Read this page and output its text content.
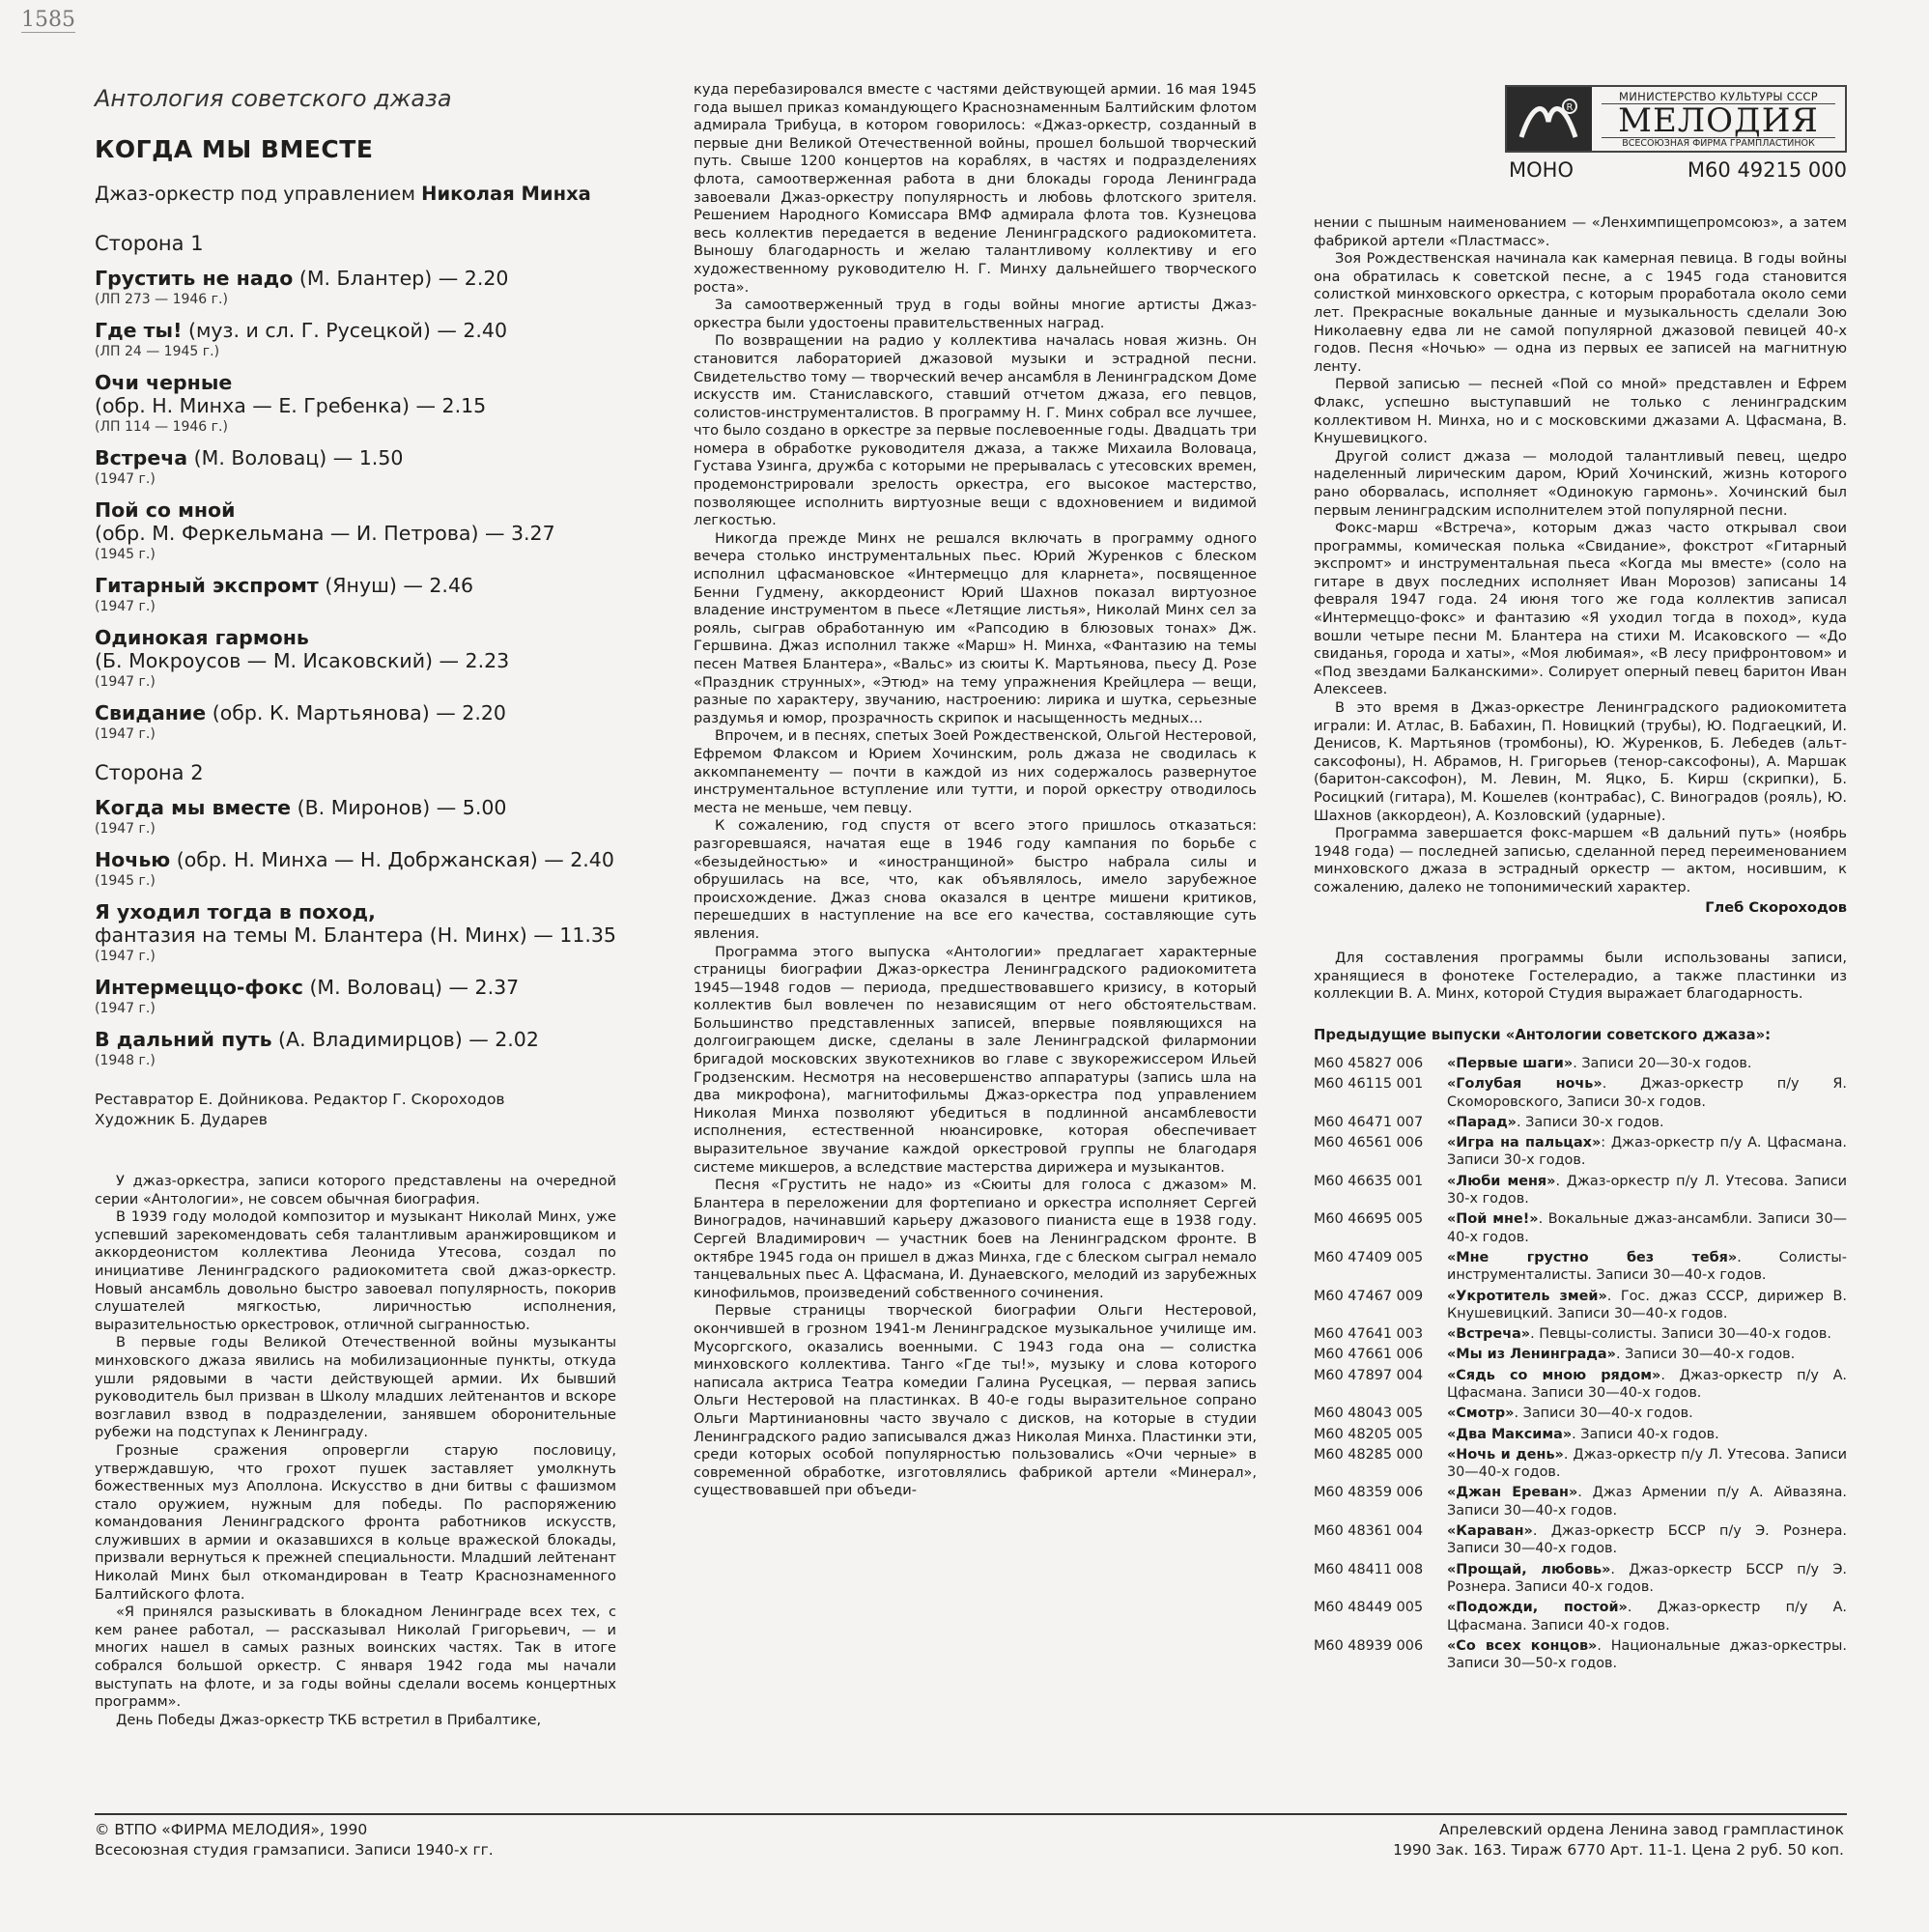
1585
R
МИНИСТЕРСТВО КУЛЬТУРЫ СССР
МЕЛОДИЯ
ВСЕСОЮЗНАЯ ФИРМА ГРАМПЛАСТИНОК
МОНО	М60 49215 000
Антология советского джаза
КОГДА МЫ ВМЕСТЕ
Джаз-оркестр под управлением Николая Минха
Сторона 1
Грустить не надо (М. Блантер) — 2.20
(ЛП 273 — 1946 г.)
Где ты! (муз. и сл. Г. Русецкой) — 2.40
(ЛП 24 — 1945 г.)
Очи черные
(обр. Н. Минха — Е. Гребенка) — 2.15
(ЛП 114 — 1946 г.)
Встреча (М. Воловац) — 1.50
(1947 г.)
Пой со мной
(обр. М. Феркельмана — И. Петрова) — 3.27
(1945 г.)
Гитарный экспромт (Януш) — 2.46
(1947 г.)
Одинокая гармонь
(Б. Мокроусов — М. Исаковский) — 2.23
(1947 г.)
Свидание (обр. К. Мартьянова) — 2.20
(1947 г.)
Сторона 2
Когда мы вместе (В. Миронов) — 5.00
(1947 г.)
Ночью (обр. Н. Минха — Н. Добржанская) — 2.40
(1945 г.)
Я уходил тогда в поход,
фантазия на темы М. Блантера (Н. Минх) — 11.35
(1947 г.)
Интермеццо-фокс (М. Воловац) — 2.37
(1947 г.)
В дальний путь (А. Владимирцов) — 2.02
(1948 г.)
Реставратор Е. Дойникова. Редактор Г. Скороходов
Художник Б. Дударев

У джаз-оркестра, записи которого представлены на очередной серии «Антологии», не совсем обычная биография.

В 1939 году молодой композитор и музыкант Николай Минх, уже успевший зарекомендовать себя талантливым аранжировщиком и аккордеонистом коллектива Леонида Утесова, создал по инициативе Ленинградского радиокомитета свой джаз-оркестр. Новый ансамбль довольно быстро завоевал популярность, покорив слушателей мягкостью, лиричностью исполнения, выразительностью оркестровок, отличной сыгранностью.

В первые годы Великой Отечественной войны музыканты минховского джаза явились на мобилизационные пункты, откуда ушли рядовыми в части действующей армии. Их бывший руководитель был призван в Школу младших лейтенантов и вскоре возглавил взвод в подразделении, занявшем оборонительные рубежи на подступах к Ленинграду.

Грозные сражения опровергли старую пословицу, утверждавшую, что грохот пушек заставляет умолкнуть божественных муз Аполлона. Искусство в дни битвы с фашизмом стало оружием, нужным для победы. По распоряжению командования Ленинградского фронта работников искусств, служивших в армии и оказавшихся в кольце вражеской блокады, призвали вернуться к прежней специальности. Младший лейтенант Николай Минх был откомандирован в Театр Краснознаменного Балтийского флота.

«Я принялся разыскивать в блокадном Ленинграде всех тех, с кем ранее работал, — рассказывал Николай Григорьевич, — и многих нашел в самых разных воинских частях. Так в итоге собрался большой оркестр. С января 1942 года мы начали выступать на флоте, и за годы войны сделали восемь концертных программ».

День Победы Джаз-оркестр ТКБ встретил в Прибалтике,

куда перебазировался вместе с частями действующей армии. 16 мая 1945 года вышел приказ командующего Краснознаменным Балтийским флотом адмирала Трибуца, в котором говорилось: «Джаз-оркестр, созданный в первые дни Великой Отечественной войны, прошел большой творческий путь. Свыше 1200 концертов на кораблях, в частях и подразделениях флота, самоотверженная работа в дни блокады города Ленинграда завоевали Джаз-оркестру популярность и любовь флотского зрителя. Решением Народного Комиссара ВМФ адмирала флота тов. Кузнецова весь коллектив передается в ведение Ленинградского радиокомитета. Выношу благодарность и желаю талантливому коллективу и его художественному руководителю Н. Г. Минху дальнейшего творческого роста».

За самоотверженный труд в годы войны многие артисты Джаз-оркестра были удостоены правительственных наград.

По возвращении на радио у коллектива началась новая жизнь. Он становится лабораторией джазовой музыки и эстрадной песни. Свидетельство тому — творческий вечер ансамбля в Ленинградском Доме искусств им. Станиславского, ставший отчетом джаза, его певцов, солистов-инструменталистов. В программу Н. Г. Минх собрал все лучшее, что было создано в оркестре за первые послевоенные годы. Двадцать три номера в обработке руководителя джаза, а также Михаила Воловаца, Густава Узинга, дружба с которыми не прерывалась с утесовских времен, продемонстрировали зрелость оркестра, его высокое мастерство, позволяющее исполнить виртуозные вещи с вдохновением и видимой легкостью.

Никогда прежде Минх не решался включать в программу одного вечера столько инструментальных пьес. Юрий Журенков с блеском исполнил цфасмановское «Интермеццо для кларнета», посвященное Бенни Гудмену, аккордеонист Юрий Шахнов показал виртуозное владение инструментом в пьесе «Летящие листья», Николай Минх сел за рояль, сыграв обработанную им «Рапсодию в блюзовых тонах» Дж. Гершвина. Джаз исполнил также «Марш» Н. Минха, «Фантазию на темы песен Матвея Блантера», «Вальс» из сюиты К. Мартьянова, пьесу Д. Розе «Праздник струнных», «Этюд» на тему упражнения Крейцлера — вещи, разные по характеру, звучанию, настроению: лирика и шутка, серьезные раздумья и юмор, прозрачность скрипок и насыщенность медных...

Впрочем, и в песнях, спетых Зоей Рождественской, Ольгой Нестеровой, Ефремом Флаксом и Юрием Хочинским, роль джаза не сводилась к аккомпанементу — почти в каждой из них содержалось развернутое инструментальное вступление или тутти, и порой оркестру отводилось места не меньше, чем певцу.

К сожалению, год спустя от всего этого пришлось отказаться: разгоревшаяся, начатая еще в 1946 году кампания по борьбе с «безыдейностью» и «иностранщиной» быстро набрала силы и обрушилась на все, что, как объявлялось, имело зарубежное происхождение. Джаз снова оказался в центре мишени критиков, перешедших в наступление на все его качества, составляющие суть явления.

Программа этого выпуска «Антологии» предлагает характерные страницы биографии Джаз-оркестра Ленинградского радиокомитета 1945—1948 годов — периода, предшествовавшего кризису, в который коллектив был вовлечен по независящим от него обстоятельствам. Большинство представленных записей, впервые появляющихся на долгоиграющем диске, сделаны в зале Ленинградской филармонии бригадой московских звукотехников во главе с звукорежиссером Ильей Гродзенским. Несмотря на несовершенство аппаратуры (запись шла на два микрофона), магнитофильмы Джаз-оркестра под управлением Николая Минха позволяют убедиться в подлинной ансамблевости исполнения, естественной нюансировке, которая обеспечивает выразительное звучание каждой оркестровой группы не благодаря системе микшеров, а вследствие мастерства дирижера и музыкантов.

Песня «Грустить не надо» из «Сюиты для голоса с джазом» М. Блантера в переложении для фортепиано и оркестра исполняет Сергей Виноградов, начинавший карьеру джазового пианиста еще в 1938 году. Сергей Владимирович — участник боев на Ленинградском фронте. В октябре 1945 года он пришел в джаз Минха, где с блеском сыграл немало танцевальных пьес А. Цфасмана, И. Дунаевского, мелодий из зарубежных кинофильмов, произведений собственного сочинения.

Первые страницы творческой биографии Ольги Нестеровой, окончившей в грозном 1941-м Ленинградское музыкальное училище им. Мусоргского, оказались военными. С 1943 года она — солистка минховского коллектива. Танго «Где ты!», музыку и слова которого написала актриса Театра комедии Галина Русецкая, — первая запись Ольги Нестеровой на пластинках. В 40-е годы выразительное сопрано Ольги Мартиниановны часто звучало с дисков, на которые в студии Ленинградского радио записывался джаз Николая Минха. Пластинки эти, среди которых особой популярностью пользовались «Очи черные» в современной обработке, изготовлялись фабрикой артели «Минерал», существовавшей при объеди-

нении с пышным наименованием — «Ленхимпищепромсоюз», а затем фабрикой артели «Пластмасс».

Зоя Рождественская начинала как камерная певица. В годы войны она обратилась к советской песне, а с 1945 года становится солисткой минховского оркестра, с которым проработала около семи лет. Прекрасные вокальные данные и музыкальность сделали Зою Николаевну едва ли не самой популярной джазовой певицей 40-х годов. Песня «Ночью» — одна из первых ее записей на магнитную ленту.

Первой записью — песней «Пой со мной» представлен и Ефрем Флакс, успешно выступавший не только с ленинградским коллективом Н. Минха, но и с московскими джазами А. Цфасмана, В. Кнушевицкого.

Другой солист джаза — молодой талантливый певец, щедро наделенный лирическим даром, Юрий Хочинский, жизнь которого рано оборвалась, исполняет «Одинокую гармонь». Хочинский был первым ленинградским исполнителем этой популярной песни.

Фокс-марш «Встреча», которым джаз часто открывал свои программы, комическая полька «Свидание», фокстрот «Гитарный экспромт» и инструментальная пьеса «Когда мы вместе» (соло на гитаре в двух последних исполняет Иван Морозов) записаны 14 февраля 1947 года. 24 июня того же года коллектив записал «Интермеццо-фокс» и фантазию «Я уходил тогда в поход», куда вошли четыре песни М. Блантера на стихи М. Исаковского — «До свиданья, города и хаты», «Моя любимая», «В лесу прифронтовом» и «Под звездами Балканскими». Солирует оперный певец баритон Иван Алексеев.

В это время в Джаз-оркестре Ленинградского радиокомитета играли: И. Атлас, В. Бабахин, П. Новицкий (трубы), Ю. Подгаецкий, И. Денисов, К. Мартьянов (тромбоны), Ю. Журенков, Б. Лебедев (альт-саксофоны), Н. Абрамов, Н. Григорьев (тенор-саксофоны), А. Маршак (баритон-саксофон), М. Левин, М. Яцко, Б. Кирш (скрипки), Б. Росицкий (гитара), М. Кошелев (контрабас), С. Виноградов (рояль), Ю. Шахнов (аккордеон), А. Козловский (ударные).

Программа завершается фокс-маршем «В дальний путь» (ноябрь 1948 года) — последней записью, сделанной перед переименованием минховского джаза в эстрадный оркестр — актом, носившим, к сожалению, далеко не топонимический характер.

Глеб Скороходов

Для составления программы были использованы записи, хранящиеся в фонотеке Гостелерадио, а также пластинки из коллекции В. А. Минх, которой Студия выражает благодарность.

Предыдущие выпуски «Антологии советского джаза»:
М60 45827 006	«Первые шаги». Записи 20—30-х годов.
М60 46115 001	«Голубая ночь». Джаз-оркестр п/у Я. Скоморовского, Записи 30-х годов.
М60 46471 007	«Парад». Записи 30-х годов.
М60 46561 006	«Игра на пальцах»: Джаз-оркестр п/у А. Цфасмана. Записи 30-х годов.
М60 46635 001	«Люби меня». Джаз-оркестр п/у Л. Утесова. Записи 30-х годов.
М60 46695 005	«Пой мне!». Вокальные джаз-ансамбли. Записи 30—40-х годов.
М60 47409 005	«Мне грустно без тебя». Солисты-инструменталисты. Записи 30—40-х годов.
М60 47467 009	«Укротитель змей». Гос. джаз СССР, дирижер В. Кнушевицкий. Записи 30—40-х годов.
М60 47641 003	«Встреча». Певцы-солисты. Записи 30—40-х годов.
М60 47661 006	«Мы из Ленинграда». Записи 30—40-х годов.
М60 47897 004	«Сядь со мною рядом». Джаз-оркестр п/у А. Цфасмана. Записи 30—40-х годов.
М60 48043 005	«Смотр». Записи 30—40-х годов.
М60 48205 005	«Два Максима». Записи 40-х годов.
М60 48285 000	«Ночь и день». Джаз-оркестр п/у Л. Утесова. Записи 30—40-х годов.
М60 48359 006	«Джан Ереван». Джаз Армении п/у А. Айвазяна. Записи 30—40-х годов.
М60 48361 004	«Караван». Джаз-оркестр БССР п/у Э. Рознера. Записи 30—40-х годов.
М60 48411 008	«Прощай, любовь». Джаз-оркестр БССР п/у Э. Рознера. Записи 40-х годов.
М60 48449 005	«Подожди, постой». Джаз-оркестр п/у А. Цфасмана. Записи 40-х годов.
М60 48939 006	«Со всех концов». Национальные джаз-оркестры. Записи 30—50-х годов.
© ВТПО «ФИРМА МЕЛОДИЯ», 1990
Всесоюзная студия грамзаписи. Записи 1940-х гг.
Апрелевский ордена Ленина завод грампластинок
1990 Зак. 163. Тираж 6770 Арт. 11-1. Цена 2 руб. 50 коп.
